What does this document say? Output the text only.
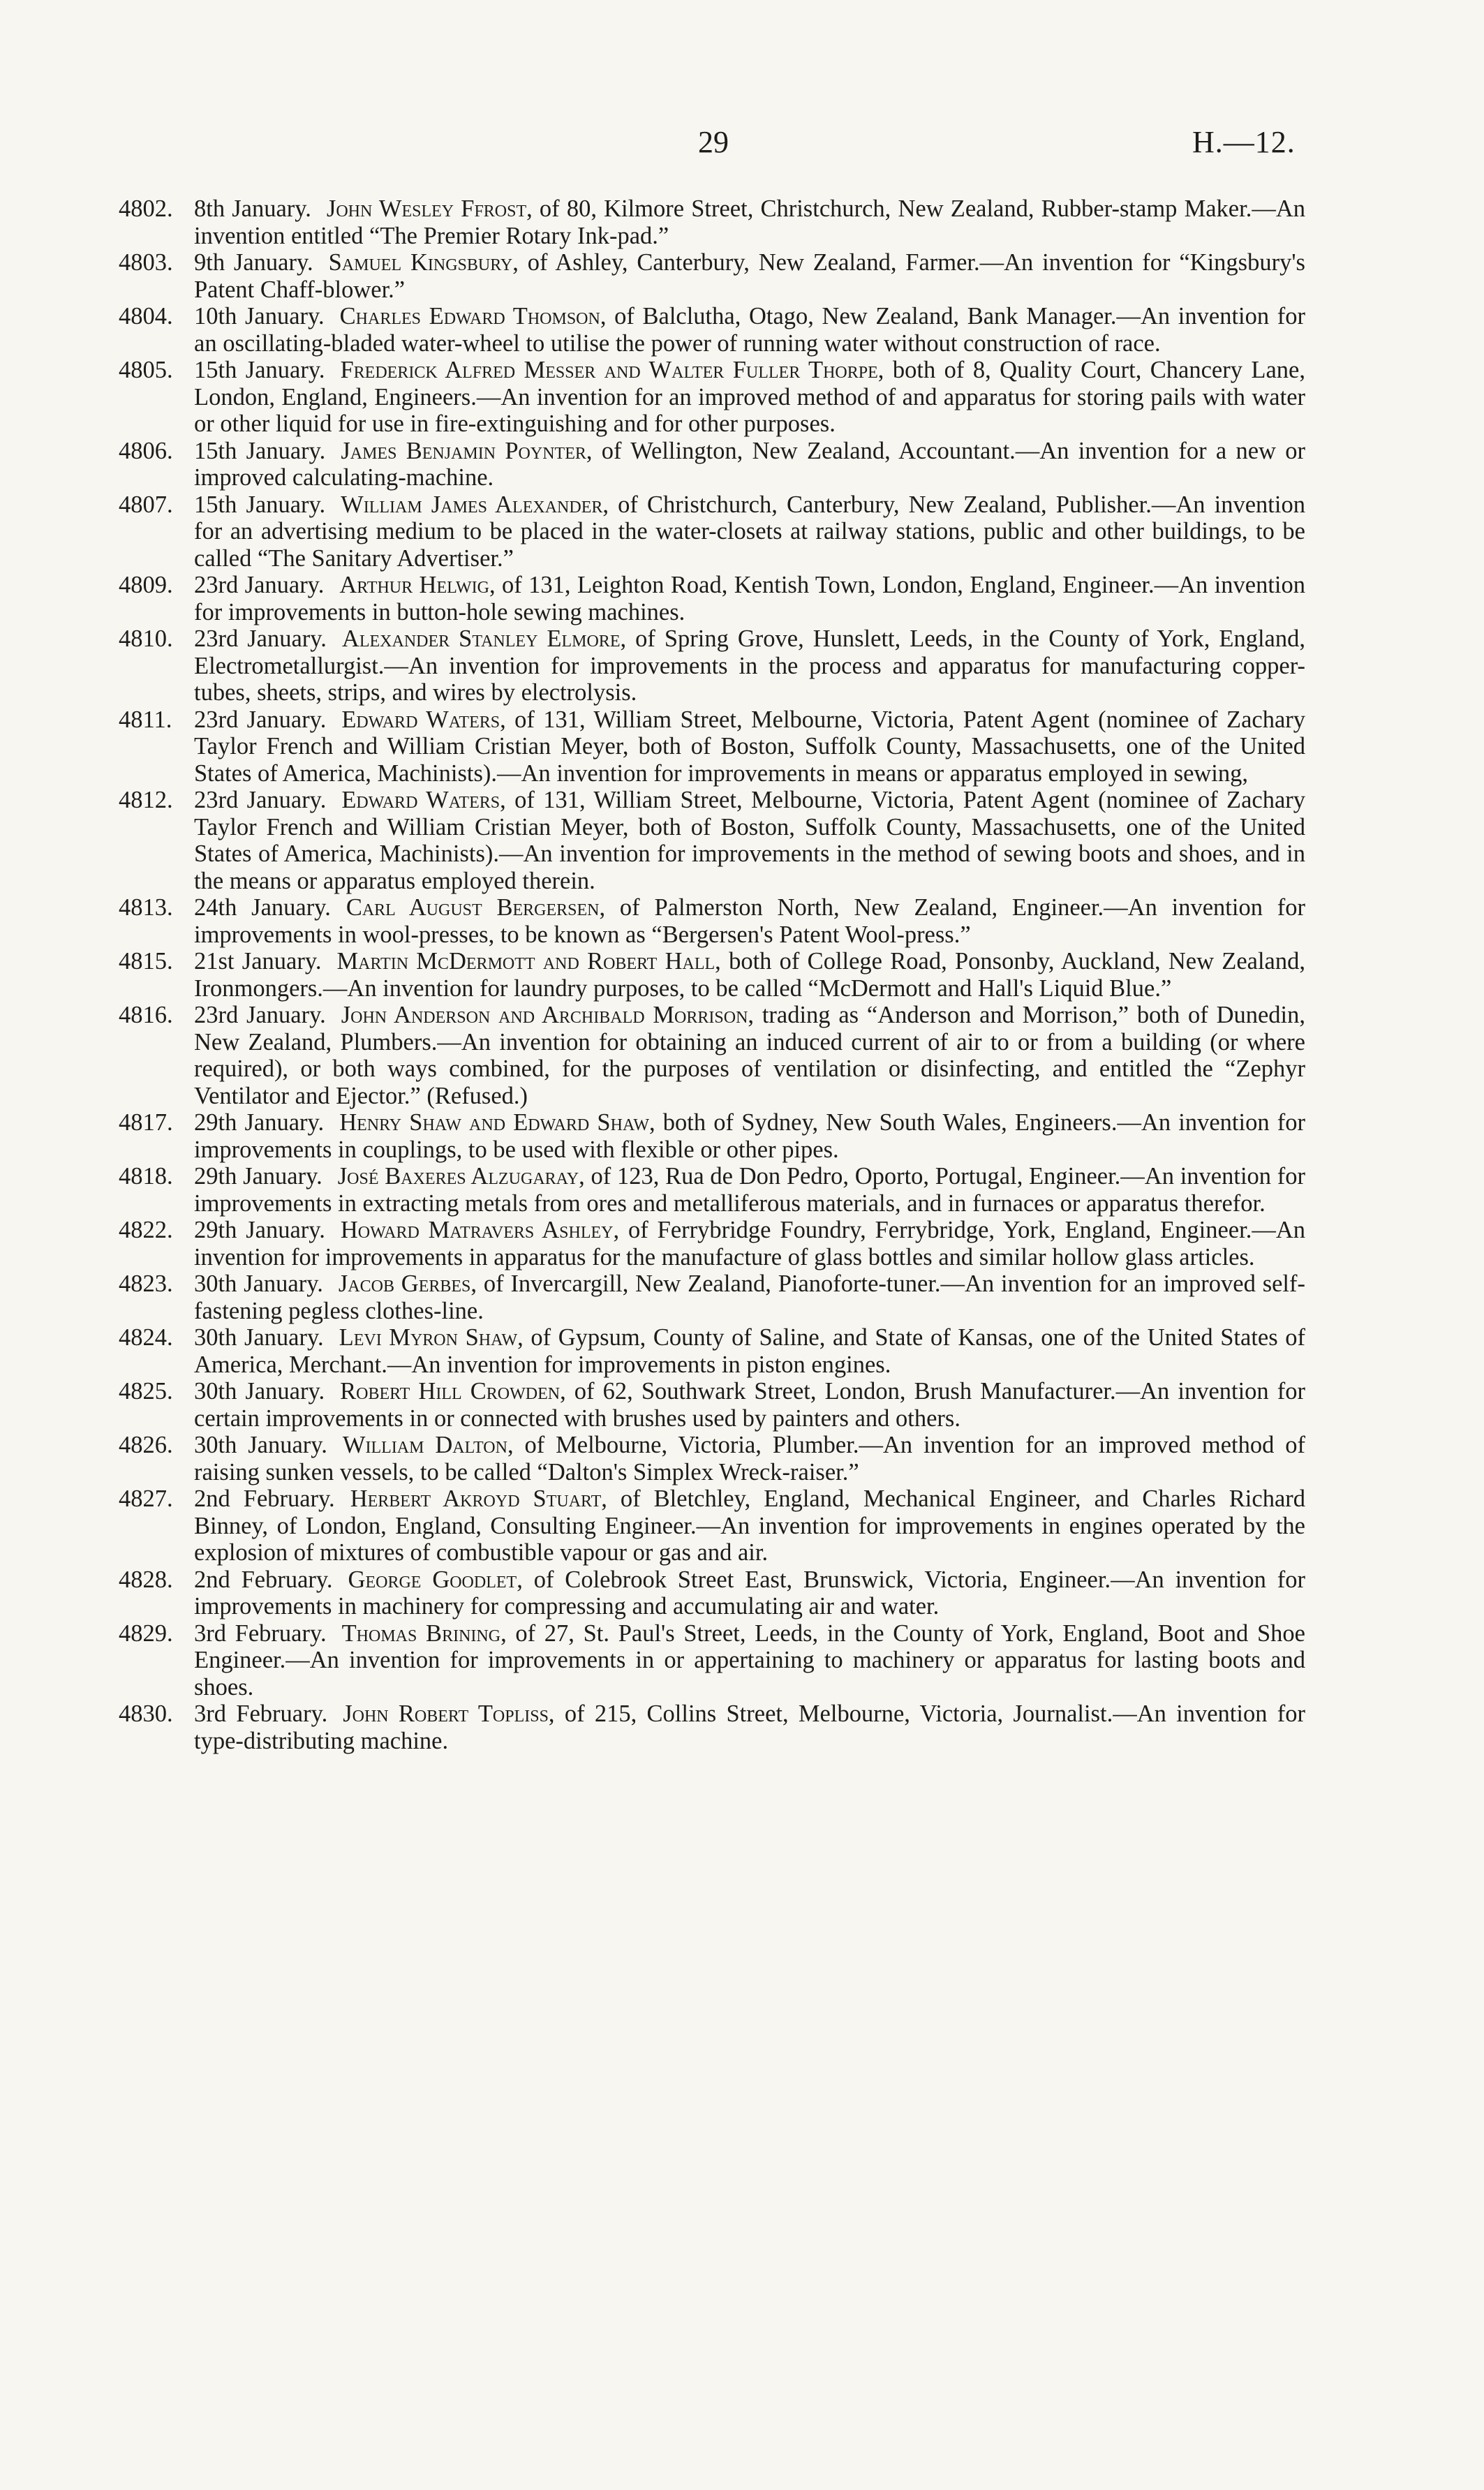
29	H.—12.
4802. 8th January. John Wesley Ffrost, of 80, Kilmore Street, Christchurch, New Zealand, Rubber-stamp Maker.—An invention entitled “The Premier Rotary Ink-pad.”
4803. 9th January. Samuel Kingsbury, of Ashley, Canterbury, New Zealand, Farmer.—An invention for “Kingsbury's Patent Chaff-blower.”
4804. 10th January. Charles Edward Thomson, of Balclutha, Otago, New Zealand, Bank Manager.—An invention for an oscillating-bladed water-wheel to utilise the power of running water without construction of race.
4805. 15th January. Frederick Alfred Messer and Walter Fuller Thorpe, both of 8, Quality Court, Chancery Lane, London, England, Engineers.—An invention for an improved method of and apparatus for storing pails with water or other liquid for use in fire-extinguishing and for other purposes.
4806. 15th January. James Benjamin Poynter, of Wellington, New Zealand, Accountant.—An invention for a new or improved calculating-machine.
4807. 15th January. William James Alexander, of Christchurch, Canterbury, New Zealand, Publisher.—An invention for an advertising medium to be placed in the water-closets at railway stations, public and other buildings, to be called “The Sanitary Advertiser.”
4809. 23rd January. Arthur Helwig, of 131, Leighton Road, Kentish Town, London, England, Engineer.—An invention for improvements in button-hole sewing machines.
4810. 23rd January. Alexander Stanley Elmore, of Spring Grove, Hunslett, Leeds, in the County of York, England, Electrometallurgist.—An invention for improvements in the process and apparatus for manufacturing copper-tubes, sheets, strips, and wires by electrolysis.
4811. 23rd January. Edward Waters, of 131, William Street, Melbourne, Victoria, Patent Agent (nominee of Zachary Taylor French and William Cristian Meyer, both of Boston, Suffolk County, Massachusetts, one of the United States of America, Machinists).—An invention for improvements in means or apparatus employed in sewing,
4812. 23rd January. Edward Waters, of 131, William Street, Melbourne, Victoria, Patent Agent (nominee of Zachary Taylor French and William Cristian Meyer, both of Boston, Suffolk County, Massachusetts, one of the United States of America, Machinists).—An invention for improvements in the method of sewing boots and shoes, and in the means or apparatus employed therein.
4813. 24th January. Carl August Bergersen, of Palmerston North, New Zealand, Engineer.—An invention for improvements in wool-presses, to be known as “Bergersen's Patent Wool-press.”
4815. 21st January. Martin McDermott and Robert Hall, both of College Road, Ponsonby, Auckland, New Zealand, Ironmongers.—An invention for laundry purposes, to be called “McDermott and Hall's Liquid Blue.”
4816. 23rd January. John Anderson and Archibald Morrison, trading as “Anderson and Morrison,” both of Dunedin, New Zealand, Plumbers.—An invention for obtaining an induced current of air to or from a building (or where required), or both ways combined, for the purposes of ventilation or disinfecting, and entitled the “Zephyr Ventilator and Ejector.” (Refused.)
4817. 29th January. Henry Shaw and Edward Shaw, both of Sydney, New South Wales, Engineers.—An invention for improvements in couplings, to be used with flexible or other pipes.
4818. 29th January. José Baxeres Alzugaray, of 123, Rua de Don Pedro, Oporto, Portugal, Engineer.—An invention for improvements in extracting metals from ores and metalliferous materials, and in furnaces or apparatus therefor.
4822. 29th January. Howard Matravers Ashley, of Ferrybridge Foundry, Ferrybridge, York, England, Engineer.—An invention for improvements in apparatus for the manufacture of glass bottles and similar hollow glass articles.
4823. 30th January. Jacob Gerbes, of Invercargill, New Zealand, Pianoforte-tuner.—An invention for an improved self-fastening pegless clothes-line.
4824. 30th January. Levi Myron Shaw, of Gypsum, County of Saline, and State of Kansas, one of the United States of America, Merchant.—An invention for improvements in piston engines.
4825. 30th January. Robert Hill Crowden, of 62, Southwark Street, London, Brush Manufacturer.—An invention for certain improvements in or connected with brushes used by painters and others.
4826. 30th January. William Dalton, of Melbourne, Victoria, Plumber.—An invention for an improved method of raising sunken vessels, to be called “Dalton's Simplex Wreck-raiser.”
4827. 2nd February. Herbert Akroyd Stuart, of Bletchley, England, Mechanical Engineer, and Charles Richard Binney, of London, England, Consulting Engineer.—An invention for improvements in engines operated by the explosion of mixtures of combustible vapour or gas and air.
4828. 2nd February. George Goodlet, of Colebrook Street East, Brunswick, Victoria, Engineer.—An invention for improvements in machinery for compressing and accumulating air and water.
4829. 3rd February. Thomas Brining, of 27, St. Paul's Street, Leeds, in the County of York, England, Boot and Shoe Engineer.—An invention for improvements in or appertaining to machinery or apparatus for lasting boots and shoes.
4830. 3rd February. John Robert Topliss, of 215, Collins Street, Melbourne, Victoria, Journalist.—An invention for type-distributing machine.
